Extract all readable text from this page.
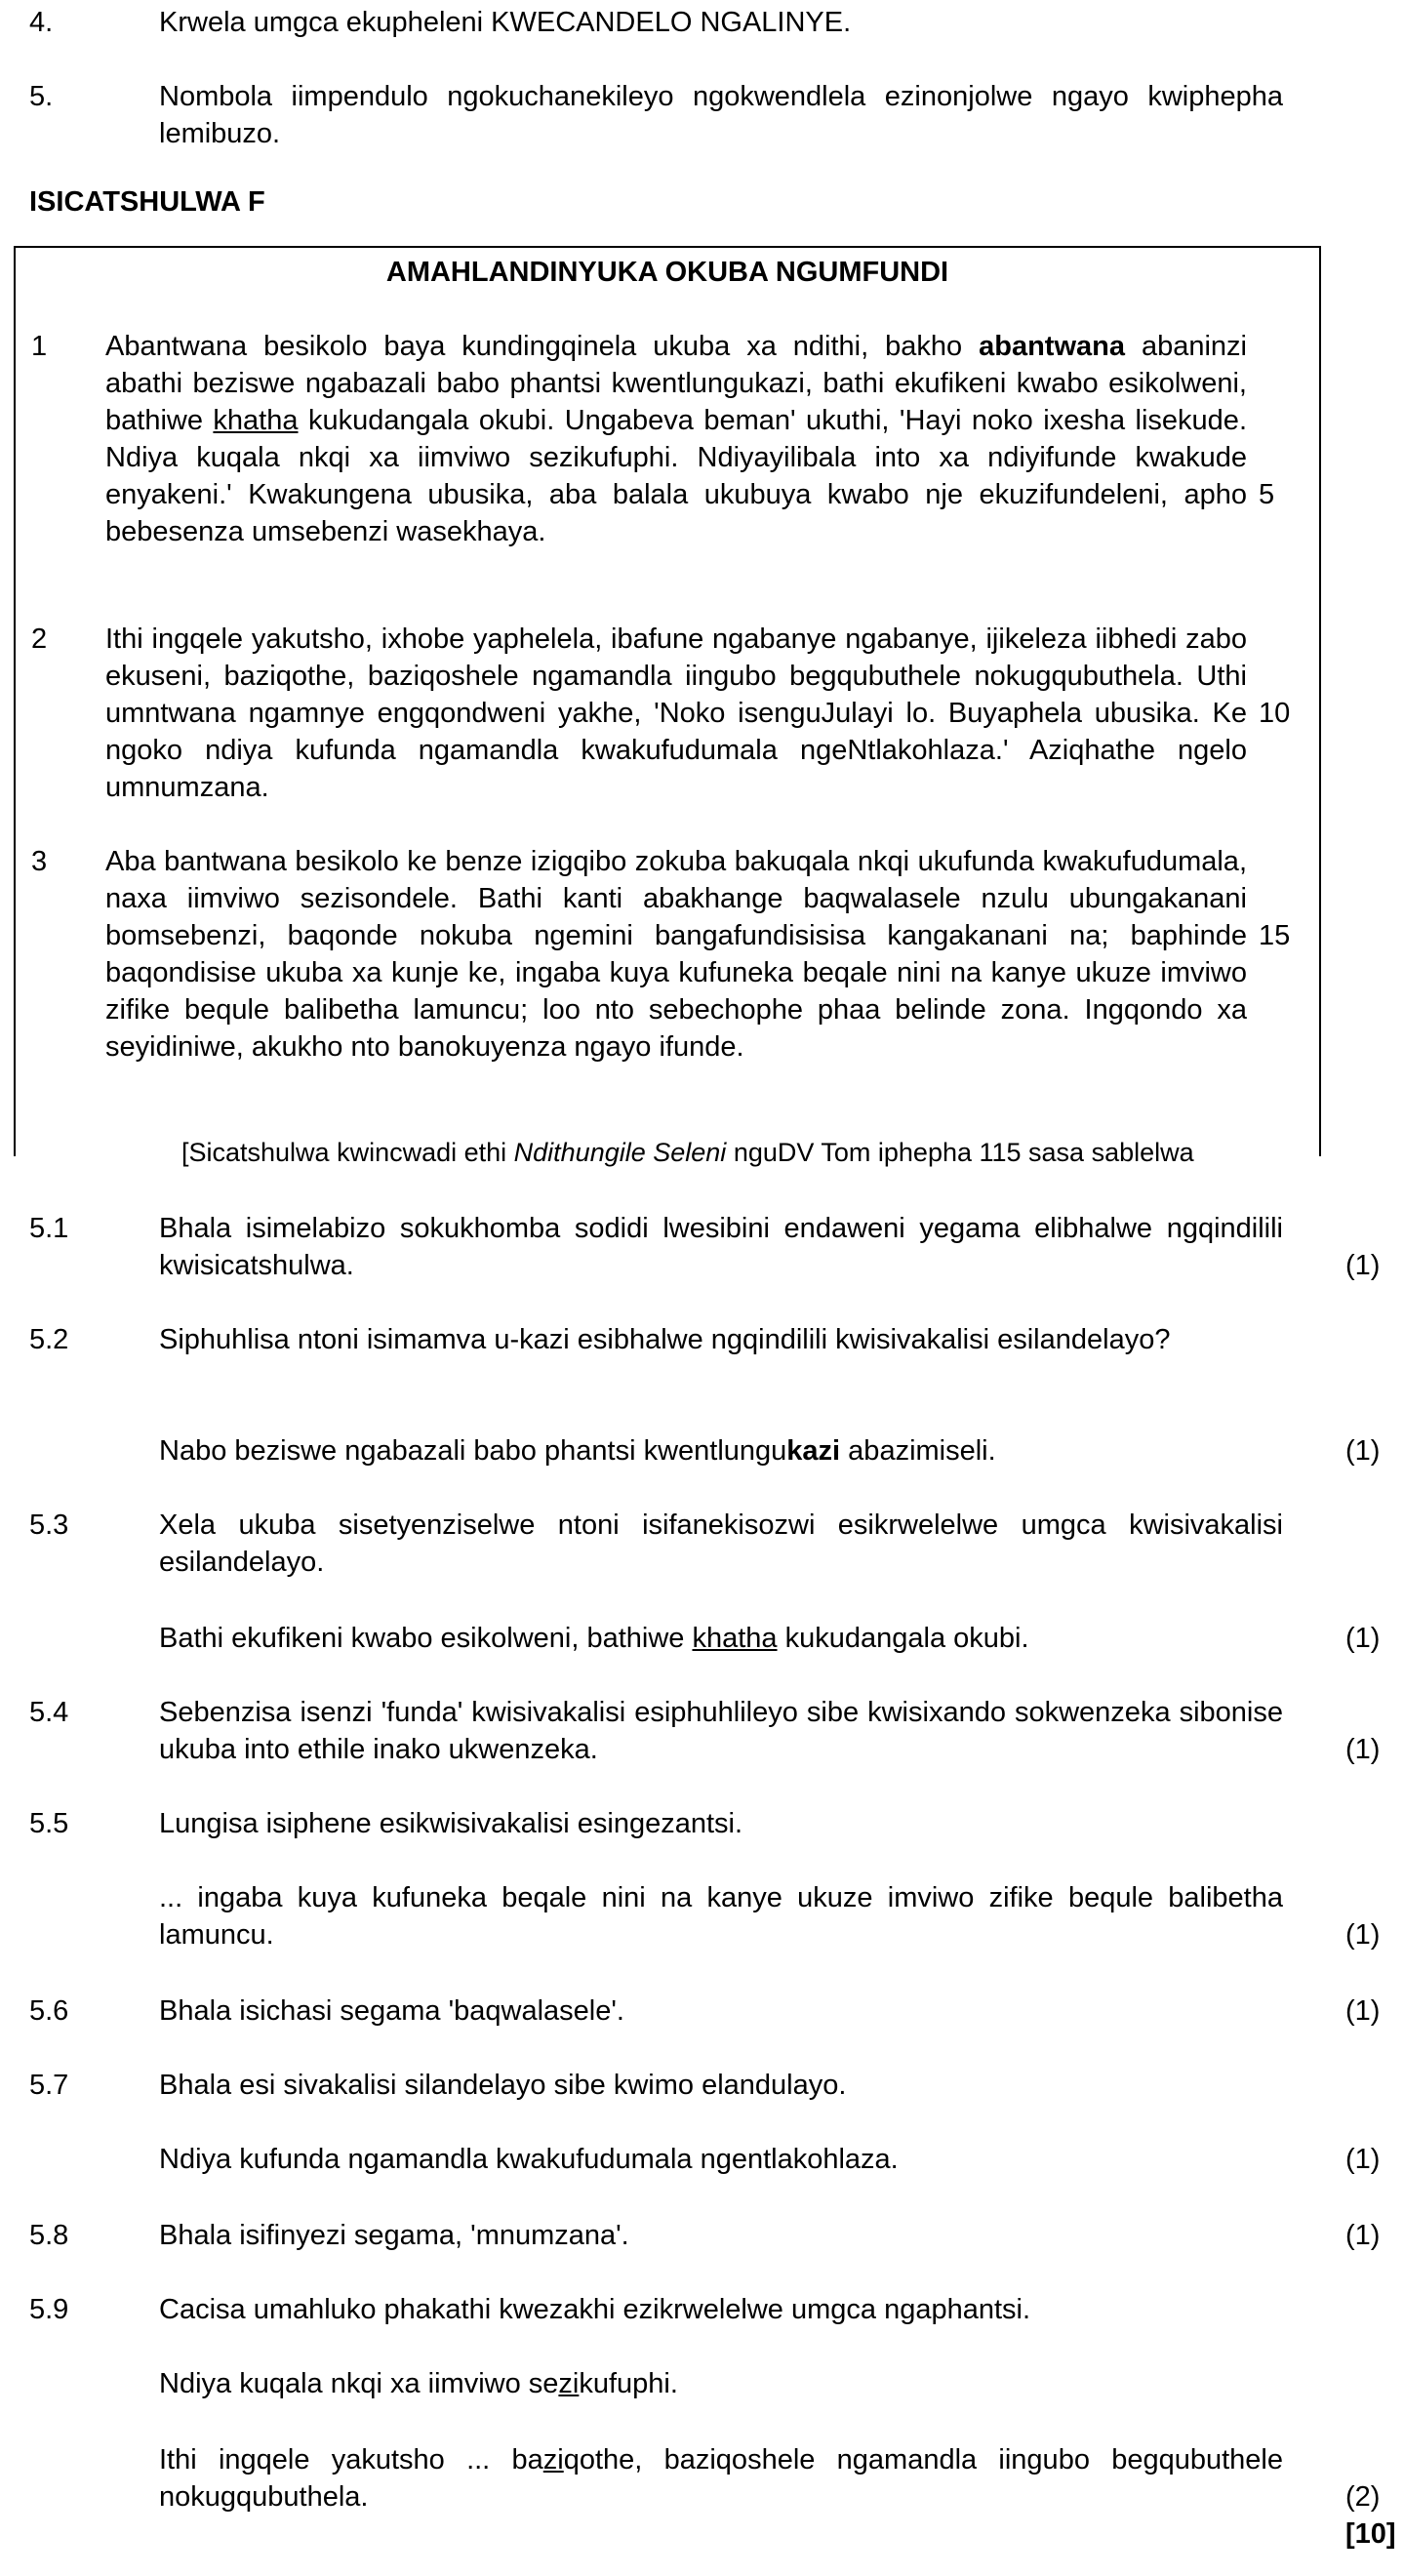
4.	Krwela umgca ekupheleni KWECANDELO NGALINYE.
5.	Nombola iimpendulo ngokuchanekileyo ngokwendlela ezinonjolwe ngayo kwiphepha lemibuzo.
ISICATSHULWA F
AMAHLANDINYUKA OKUBA NGUMFUNDI
1 Abantwana besikolo baya kundingqinela ukuba xa ndithi, bakho abantwana abaninzi abathi beziswe ngabazali babo phantsi kwentlungukazi, bathi ekufikeni kwabo esikolweni, bathiwe khatha kukudangala okubi. Ungabeva beman' ukuthi, 'Hayi noko ixesha lisekude. Ndiya kuqala nkqi xa iimviwo sezikufuphi. Ndiyayilibala into xa ndiyifunde kwakude enyakeni.' Kwakungena ubusika, aba balala ukubuya kwabo nje ekuzifundeleni, apho bebesenza umsebenzi wasekhaya.
5
2 Ithi ingqele yakutsho, ixhobe yaphelela, ibafune ngabanye ngabanye, ijikeleza iibhedi zabo ekuseni, baziqothe, baziqoshele ngamandla iingubo begqubuthele nokugqubuthela. Uthi umntwana ngamnye engqondweni yakhe, 'Noko isenguJulayi lo. Buyaphela ubusika. Ke ngoko ndiya kufunda ngamandla kwakufudumala ngeNtlakohlaza.' Aziqhathe ngelo umnumzana.
10
3 Aba bantwana besikolo ke benze izigqibo zokuba bakuqala nkqi ukufunda kwakufudumala, naxa iimviwo sezisondele. Bathi kanti abakhange baqwalasele nzulu ubungakanani bomsebenzi, baqonde nokuba ngemini bangafundisisisa kangakanani na; baphinde baqondisise ukuba xa kunje ke, ingaba kuya kufuneka beqale nini na kanye ukuze imviwo zifike bequle balibetha lamuncu; loo nto sebechophe phaa belinde zona. Ingqondo xa seyidiniwe, akukho nto banokuyenza ngayo ifunde.
15
[Sicatshulwa kwincwadi ethi Ndithungile Seleni nguDV Tom iphepha 115 sasa sablelwa
5.1	Bhala isimelabizo sokukhomba sodidi lwesibini endaweni yegama elibhalwe ngqindilili kwisicatshulwa.	(1)
5.2	Siphuhlisa ntoni isimamva u-kazi esibhalwe ngqindilili kwisivakalisi esilandelayo?
Nabo beziswe ngabazali babo phantsi kwentlungukazi abazimiseli.	(1)
5.3	Xela ukuba sisetyenziselwe ntoni isifanekisozwi esikrwelelwe umgca kwisivakalisi esilandelayo.
Bathi ekufikeni kwabo esikolweni, bathiwe khatha kukudangala okubi.	(1)
5.4	Sebenzisa isenzi 'funda' kwisivakalisi esiphuhlileyo sibe kwisixando sokwenzeka sibonise ukuba into ethile inako ukwenzeka.	(1)
5.5	Lungisa isiphene esikwisivakalisi esingezantsi.
... ingaba kuya kufuneka beqale nini na kanye ukuze imviwo zifike bequle balibetha lamuncu.	(1)
5.6	Bhala isichasi segama 'baqwalasele'.	(1)
5.7	Bhala esi sivakalisi silandelayo sibe kwimo elandulayo.
Ndiya kufunda ngamandla kwakufudumala ngentlakohlaza.	(1)
5.8	Bhala isifinyezi segama, 'mnumzana'.	(1)
5.9	Cacisa umahluko phakathi kwezakhi ezikrwelelwe umgca ngaphantsi.
Ndiya kuqala nkqi xa iimviwo sezikufuphi.
Ithi ingqele yakutsho ... baziqothe, baziqoshele ngamandla iingubo begqubuthele nokugqubuthela.	(2)
[10]
